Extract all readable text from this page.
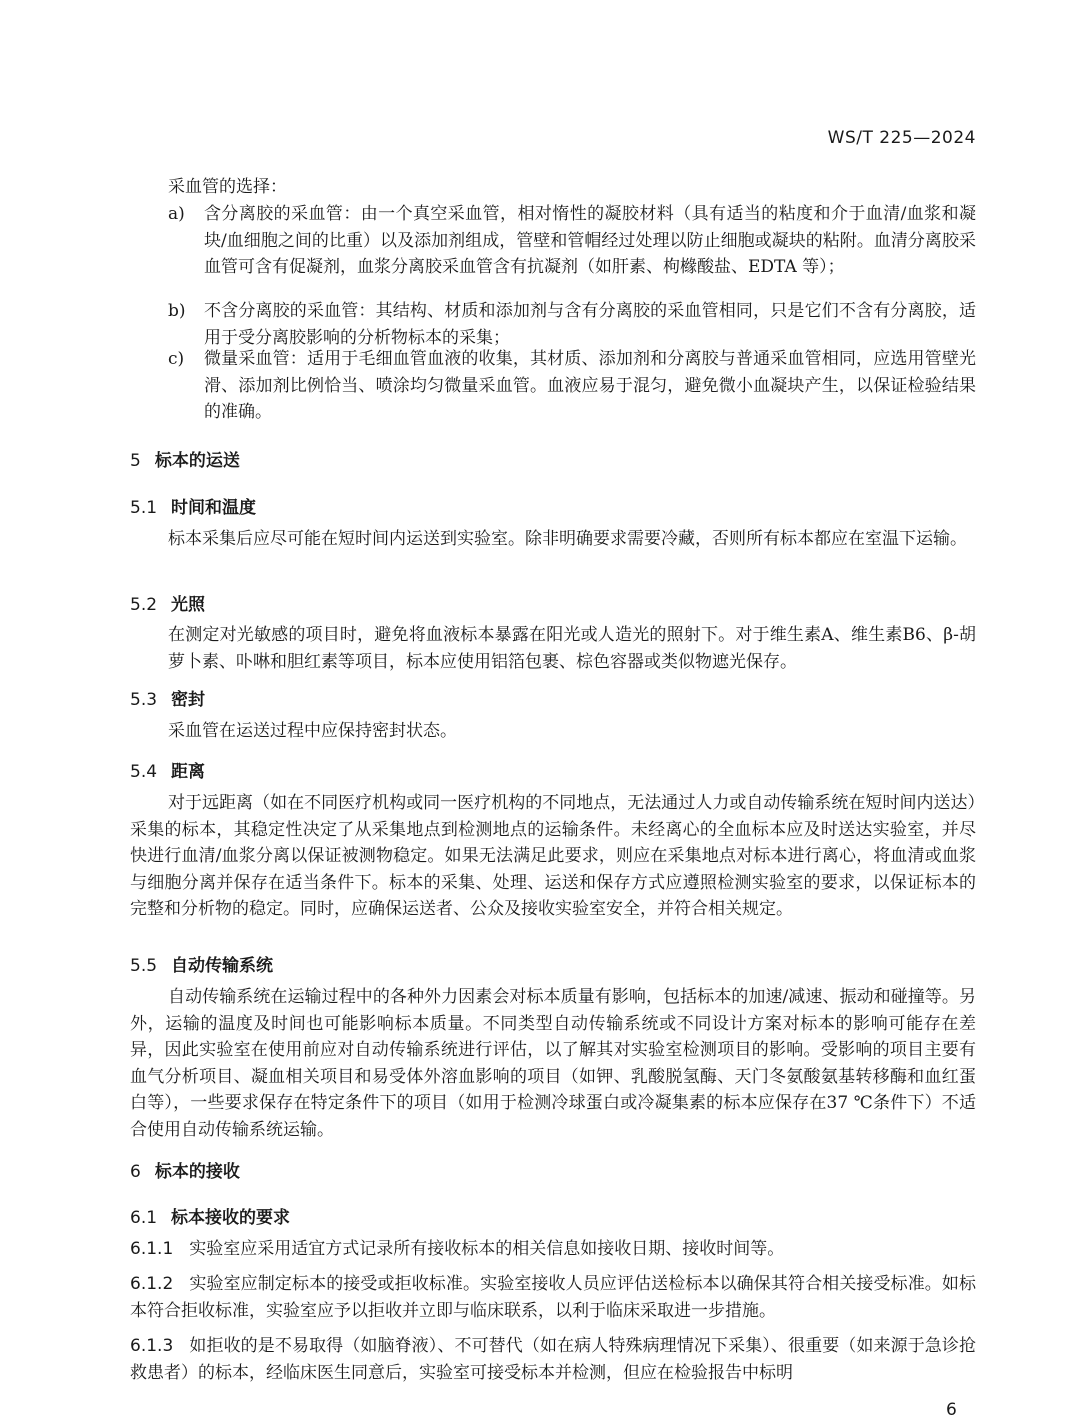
WS/T 225—2024

采血管的选择：

a)	含分离胶的采血管：由一个真空采血管，相对惰性的凝胶材料（具有适当的粘度和介于血清/血浆和凝块/血细胞之间的比重）以及添加剂组成，管壁和管帽经过处理以防止细胞或凝块的粘附。血清分离胶采血管可含有促凝剂，血浆分离胶采血管含有抗凝剂（如肝素、枸橼酸盐、EDTA 等）；
b)	不含分离胶的采血管：其结构、材质和添加剂与含有分离胶的采血管相同，只是它们不含有分离胶，适用于受分离胶影响的分析物标本的采集；
c)	微量采血管：适用于毛细血管血液的收集，其材质、添加剂和分离胶与普通采血管相同，应选用管壁光滑、添加剂比例恰当、喷涂均匀微量采血管。血液应易于混匀，避免微小血凝块产生，以保证检验结果的准确。
5 标本的运送
5.1 时间和温度

标本采集后应尽可能在短时间内运送到实验室。除非明确要求需要冷藏，否则所有标本都应在室温下运输。

5.2 光照

在测定对光敏感的项目时，避免将血液标本暴露在阳光或人造光的照射下。对于维生素A、维生素B6、β-胡萝卜素、卟啉和胆红素等项目，标本应使用铝箔包裹、棕色容器或类似物遮光保存。

5.3 密封

采血管在运送过程中应保持密封状态。

5.4 距离

对于远距离（如在不同医疗机构或同一医疗机构的不同地点，无法通过人力或自动传输系统在短时间内送达）采集的标本，其稳定性决定了从采集地点到检测地点的运输条件。未经离心的全血标本应及时送达实验室，并尽快进行血清/血浆分离以保证被测物稳定。如果无法满足此要求，则应在采集地点对标本进行离心，将血清或血浆与细胞分离并保存在适当条件下。标本的采集、处理、运送和保存方式应遵照检测实验室的要求，以保证标本的完整和分析物的稳定。同时，应确保运送者、公众及接收实验室安全，并符合相关规定。

5.5 自动传输系统

自动传输系统在运输过程中的各种外力因素会对标本质量有影响，包括标本的加速/减速、振动和碰撞等。另外，运输的温度及时间也可能影响标本质量。不同类型自动传输系统或不同设计方案对标本的影响可能存在差异，因此实验室在使用前应对自动传输系统进行评估，以了解其对实验室检测项目的影响。受影响的项目主要有血气分析项目、凝血相关项目和易受体外溶血影响的项目（如钾、乳酸脱氢酶、天门冬氨酸氨基转移酶和血红蛋白等），一些要求保存在特定条件下的项目（如用于检测冷球蛋白或冷凝集素的标本应保存在37 ℃条件下）不适合使用自动传输系统运输。

6 标本的接收
6.1 标本接收的要求
6.1.1 实验室应采用适宜方式记录所有接收标本的相关信息如接收日期、接收时间等。
6.1.2 实验室应制定标本的接受或拒收标准。实验室接收人员应评估送检标本以确保其符合相关接受标准。如标本符合拒收标准，实验室应予以拒收并立即与临床联系，以利于临床采取进一步措施。
6.1.3 如拒收的是不易取得（如脑脊液）、不可替代（如在病人特殊病理情况下采集）、很重要（如来源于急诊抢救患者）的标本，经临床医生同意后，实验室可接受标本并检测，但应在检验报告中标明
6
